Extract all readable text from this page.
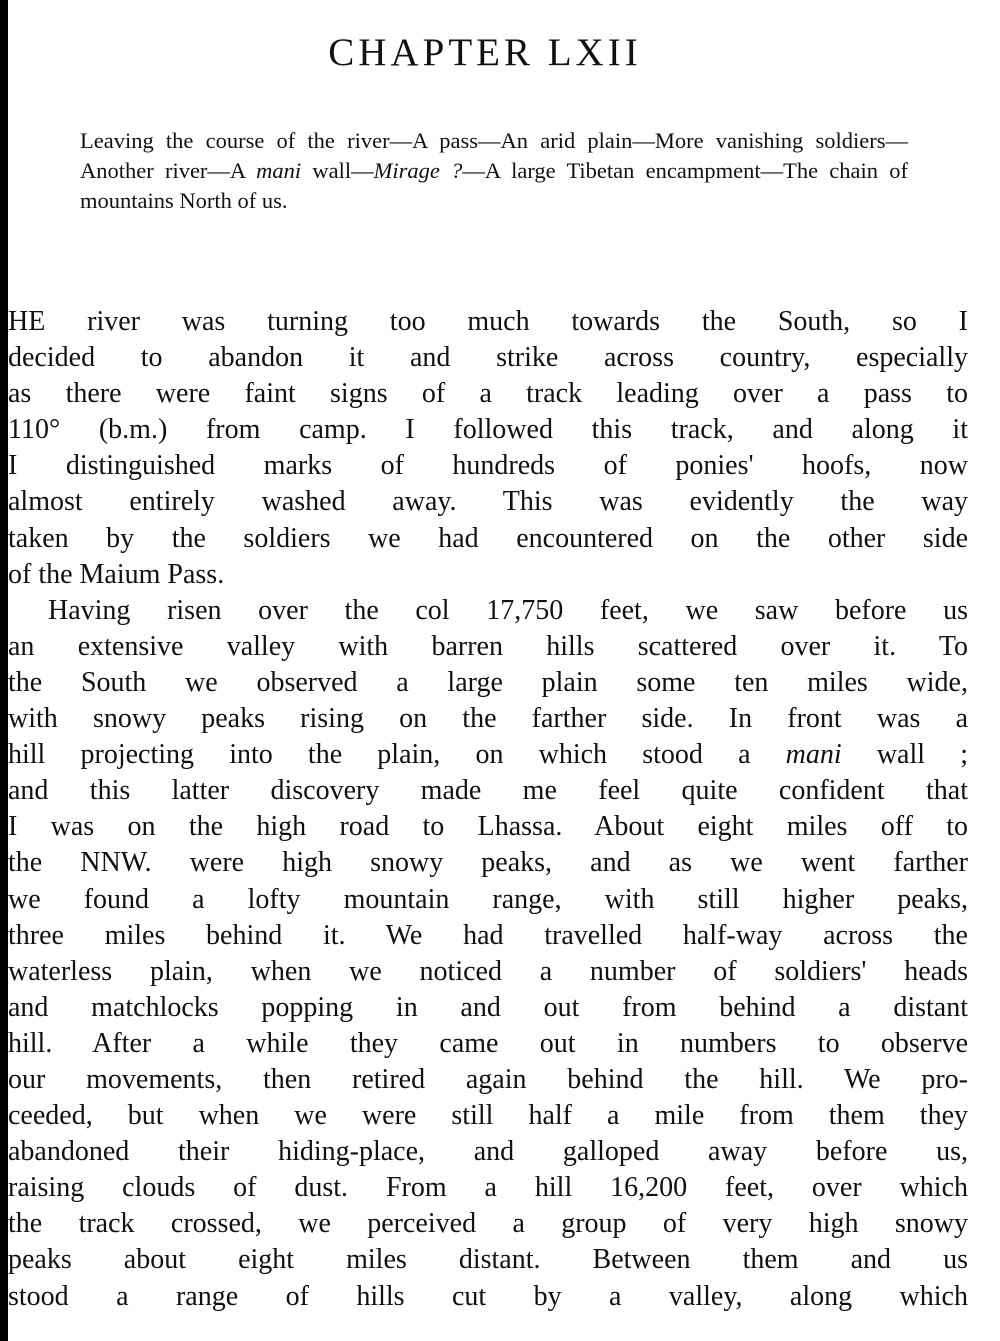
CHAPTER LXII

Leaving the course of the river—A pass—An arid plain—More vanishing soldiers—Another river—A mani wall—Mirage ?—A large Tibetan encampment—The chain of mountains North of us.

HE river was turning too much towards the South, so I
decided to abandon it and strike across country, especially
as there were faint signs of a track leading over a pass to
110° (b.m.) from camp. I followed this track, and along it
I distinguished marks of hundreds of ponies' hoofs, now
almost entirely washed away. This was evidently the way
taken by the soldiers we had encountered on the other side
of the Maium Pass.
Having risen over the col 17,750 feet, we saw before us
an extensive valley with barren hills scattered over it. To
the South we observed a large plain some ten miles wide,
with snowy peaks rising on the farther side. In front was a
hill projecting into the plain, on which stood a mani wall ;
and this latter discovery made me feel quite confident that
I was on the high road to Lhassa. About eight miles off to
the NNW. were high snowy peaks, and as we went farther
we found a lofty mountain range, with still higher peaks,
three miles behind it. We had travelled half-way across the
waterless plain, when we noticed a number of soldiers' heads
and matchlocks popping in and out from behind a distant
hill. After a while they came out in numbers to observe
our movements, then retired again behind the hill. We pro-
ceeded, but when we were still half a mile from them they
abandoned their hiding-place, and galloped away before us,
raising clouds of dust. From a hill 16,200 feet, over which
the track crossed, we perceived a group of very high snowy
peaks about eight miles distant. Between them and us
stood a range of hills cut by a valley, along which
